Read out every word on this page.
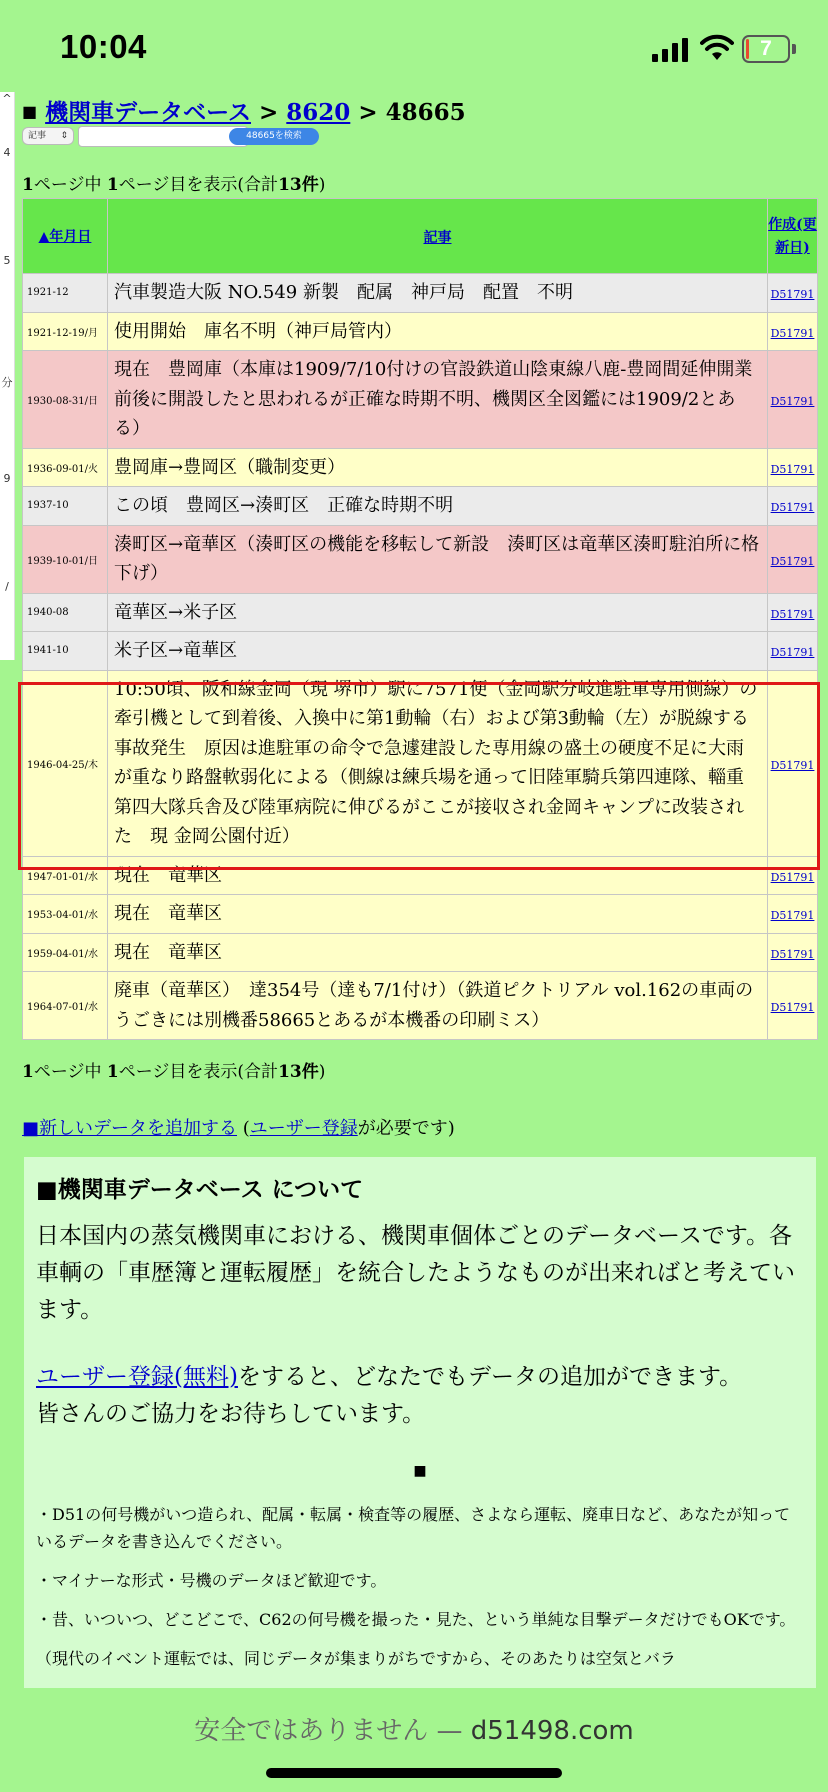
10:04	7
^
4
5
分
9
/
■ 機関車データベース > 8620 > 48665
記事 ⇕	48665を検索
1ページ中 1ページ目を表示(合計13件)
▲年月日	記事	作成(更新日)
1921-12	汽車製造大阪 NO.549 新製　配属　神戸局　配置　不明	D51791
1921-12-19/月	使用開始　庫名不明（神戸局管内）	D51791
1930-08-31/日	現在　豊岡庫（本庫は1909/7/10付けの官設鉄道山陰東線八鹿-豊岡間延伸開業前後に開設したと思われるが正確な時期不明、機関区全図鑑には1909/2とある）	D51791
1936-09-01/火	豊岡庫→豊岡区（職制変更）	D51791
1937-10	この頃　豊岡区→湊町区　正確な時期不明	D51791
1939-10-01/日	湊町区→竜華区（湊町区の機能を移転して新設　湊町区は竜華区湊町駐泊所に格下げ）	D51791
1940-08	竜華区→米子区	D51791
1941-10	米子区→竜華区	D51791
1946-04-25/木	10:50頃、阪和線金岡（現 堺市）駅に7571便（金岡駅分岐進駐軍専用側線）の牽引機として到着後、入換中に第1動輪（右）および第3動輪（左）が脱線する事故発生　原因は進駐軍の命令で急遽建設した専用線の盛土の硬度不足に大雨が重なり路盤軟弱化による（側線は練兵場を通って旧陸軍騎兵第四連隊、輜重第四大隊兵舎及び陸軍病院に伸びるがここが接収され金岡キャンプに改装された　現 金岡公園付近）	D51791
1947-01-01/水	現在　竜華区	D51791
1953-04-01/水	現在　竜華区	D51791
1959-04-01/水	現在　竜華区	D51791
1964-07-01/水	廃車（竜華区）　達354号（達も7/1付け）（鉄道ピクトリアル vol.162の車両のうごきには別機番58665とあるが本機番の印刷ミス）	D51791
1ページ中 1ページ目を表示(合計13件)
■新しいデータを追加する (ユーザー登録が必要です)
■機関車データベース について

日本国内の蒸気機関車における、機関車個体ごとのデータベースです。各車輌の「車歴簿と運転履歴」を統合したようなものが出来ればと考えています。

ユーザー登録(無料)をすると、どなたでもデータの追加ができます。

皆さんのご協力をお待ちしています。

■

・D51の何号機がいつ造られ、配属・転属・検査等の履歴、さよなら運転、廃車日など、あなたが知っているデータを書き込んでください。

・マイナーな形式・号機のデータほど歓迎です。

・昔、いついつ、どこどこで、C62の何号機を撮った・見た、という単純な目撃データだけでもOKです。

（現代のイベント運転では、同じデータが集まりがちですから、そのあたりは空気とバラ

安全ではありません — d51498.com
